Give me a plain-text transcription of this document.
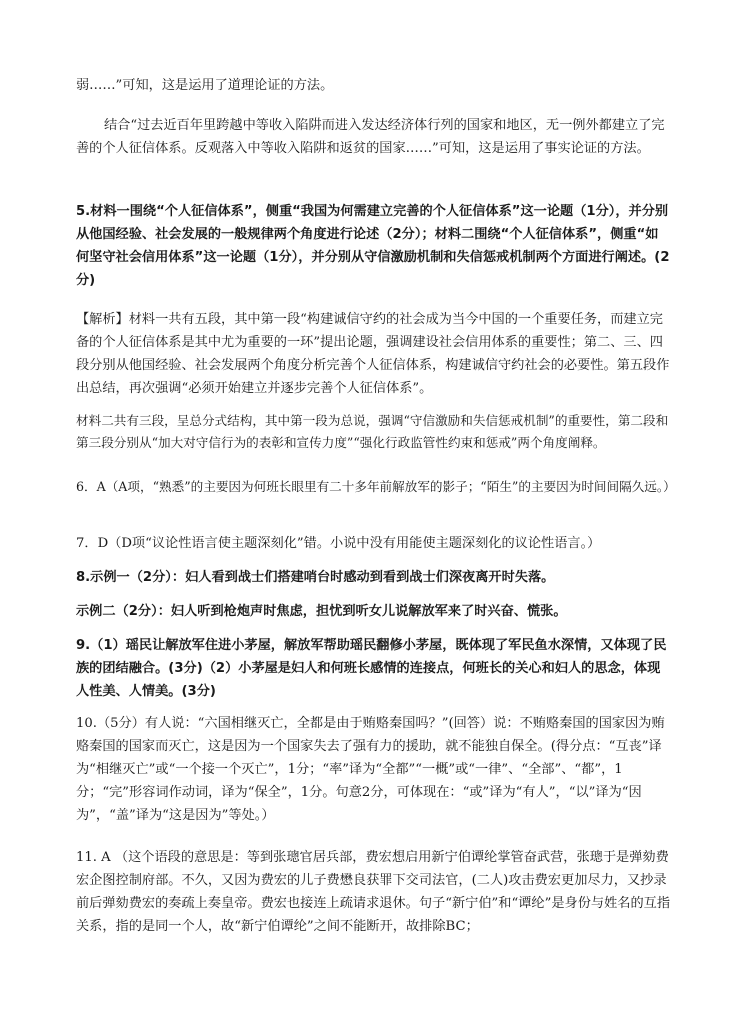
弱……”可知，这是运用了道理论证的方法。

结合“过去近百年里跨越中等收入陷阱而进入发达经济体行列的国家和地区，无一例外都建立了完善的个人征信体系。反观落入中等收入陷阱和返贫的国家……”可知，这是运用了事实论证的方法。

5.材料一围绕“个人征信体系”，侧重“我国为何需建立完善的个人征信体系”这一论题（1分），并分别从他国经验、社会发展的一般规律两个角度进行论述（2分）；材料二围绕“个人征信体系”，侧重“如何坚守社会信用体系”这一论题（1分），并分别从守信激励机制和失信惩戒机制两个方面进行阐述。(2分)

【解析】材料一共有五段，其中第一段“构建诚信守约的社会成为当今中国的一个重要任务，而建立完备的个人征信体系是其中尤为重要的一环”提出论题，强调建设社会信用体系的重要性；第二、三、四段分别从他国经验、社会发展两个角度分析完善个人征信体系，构建诚信守约社会的必要性。第五段作出总结，再次强调“必须开始建立并逐步完善个人征信体系”。

材料二共有三段，呈总分式结构，其中第一段为总说，强调“守信激励和失信惩戒机制”的重要性，第二段和第三段分别从“加大对守信行为的表彰和宣传力度”“强化行政监管性约束和惩戒”两个角度阐释。

6．A（A项，“熟悉”的主要因为何班长眼里有二十多年前解放军的影子；“陌生”的主要因为时间间隔久远。）

7．D（D项“议论性语言使主题深刻化”错。小说中没有用能使主题深刻化的议论性语言。）

8.示例一（2分）：妇人看到战士们搭建哨台时感动到看到战士们深夜离开时失落。

示例二（2分）：妇人听到枪炮声时焦虑，担忧到听女儿说解放军来了时兴奋、慌张。

9.（1）瑶民让解放军住进小茅屋，解放军帮助瑶民翻修小茅屋，既体现了军民鱼水深情，又体现了民族的团结融合。(3分)（2）小茅屋是妇人和何班长感情的连接点，何班长的关心和妇人的思念，体现人性美、人情美。(3分)

10.（5分）有人说：“六国相继灭亡，全都是由于贿赂秦国吗？”(回答）说：不贿赂秦国的国家因为贿赂秦国的国家而灭亡，这是因为一个国家失去了强有力的援助，就不能独自保全。(得分点：“互丧”译为“相继灭亡”或“一个接一个灭亡”，1分；“率”译为“全都”“一概”或“一律”、“全部”、“都”，1分；“完”形容词作动词，译为“保全”，1分。句意2分，可体现在：“或”译为“有人”，“以”译为“因为”，“盖”译为“这是因为”等处。）

11. A （这个语段的意思是：等到张璁官居兵部，费宏想启用新宁伯谭纶掌管奋武营，张璁于是弹劾费宏企图控制府部。不久，又因为费宏的儿子费懋良获罪下交司法官，(二人)攻击费宏更加尽力，又抄录前后弹劾费宏的奏疏上奏皇帝。费宏也接连上疏请求退休。句子“新宁伯”和“谭纶”是身份与姓名的互指关系，指的是同一个人，故“新宁伯谭纶”之间不能断开，故排除BC；
